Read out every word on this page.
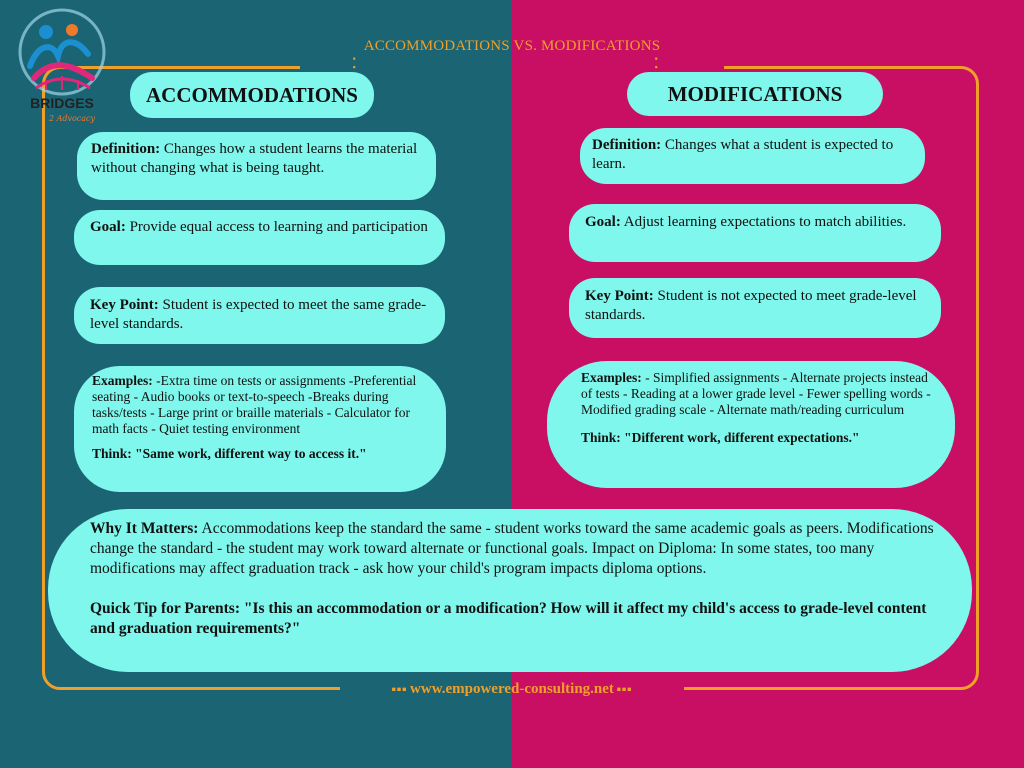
ACCOMMODATIONS VS. MODIFICATIONS
⁚	⁚
BRIDGES
2 Advocacy
ACCOMMODATIONS
Definition: Changes how a student learns the material without changing what is being taught.
Goal: Provide equal access to learning and participation
Key Point: Student is expected to meet the same grade-level standards.
Examples: -Extra time on tests or assignments -Preferential seating - Audio books or text-to-speech -Breaks during tasks/tests - Large print or braille materials - Calculator for math facts - Quiet testing environment
Think: "Same work, different way to access it."
MODIFICATIONS
Definition: Changes what a student is expected to learn.
Goal: Adjust learning expectations to match abilities.
Key Point: Student is not expected to meet grade-level standards.
Examples: - Simplified assignments - Alternate projects instead of tests - Reading at a lower grade level - Fewer spelling words - Modified grading scale - Alternate math/reading curriculum
Think: "Different work, different expectations."
Why It Matters: Accommodations keep the standard the same - student works toward the same academic goals as peers. Modifications change the standard - the student may work toward alternate or functional goals. Impact on Diploma: In some states, too many modifications may affect graduation track - ask how your child's program impacts diploma options.
Quick Tip for Parents: "Is this an accommodation or a modification? How will it affect my child's access to grade-level content and graduation requirements?"
■■■ www.empowered-consulting.net ■■■
